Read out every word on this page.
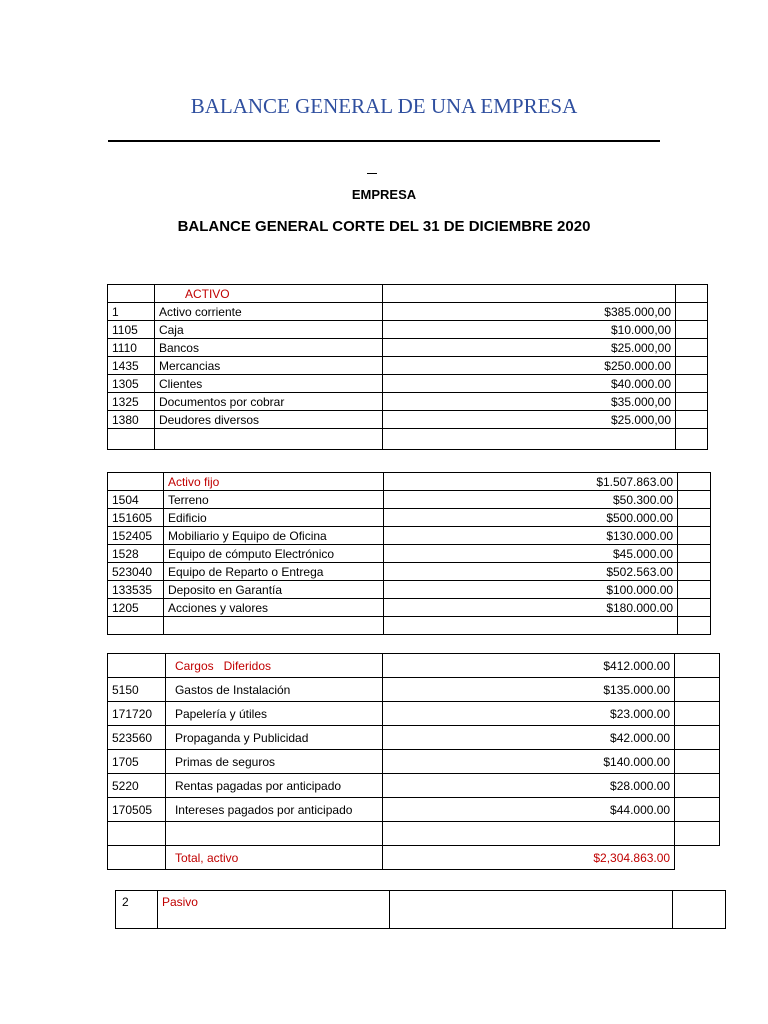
BALANCE GENERAL DE UNA EMPRESA
EMPRESA
BALANCE GENERAL CORTE DEL 31 DE DICIEMBRE 2020
	ACTIVO		
1	Activo corriente	$385.000,00	
1105	Caja	$10.000,00	
1110	Bancos	$25.000,00	
1435	Mercancias	$250.000.00	
1305	Clientes	$40.000.00	
1325	Documentos por cobrar	$35.000,00	
1380	Deudores diversos	$25.000,00	

	Activo fijo	$1.507.863.00	
1504	Terreno	$50.300.00	
151605	Edificio	$500.000.00	
152405	Mobiliario y Equipo de Oficina	$130.000.00	
1528	Equipo de cómputo Electrónico	$45.000.00	
523040	Equipo de Reparto o Entrega	$502.563.00	
133535	Deposito en Garantía	$100.000.00	
1205	Acciones y valores	$180.000.00	

	Cargos   Diferidos	$412.000.00	
5150	Gastos de Instalación	$135.000.00	
171720	Papelería y útiles	$23.000.00	
523560	Propaganda y Publicidad	$42.000.00	
1705	Primas de seguros	$140.000.00	
5220	Rentas pagadas por anticipado	$28.000.00	
170505	Intereses pagados por anticipado	$44.000.00	

	Total, activo	$2,304.863.00	
2	Pasivo		
